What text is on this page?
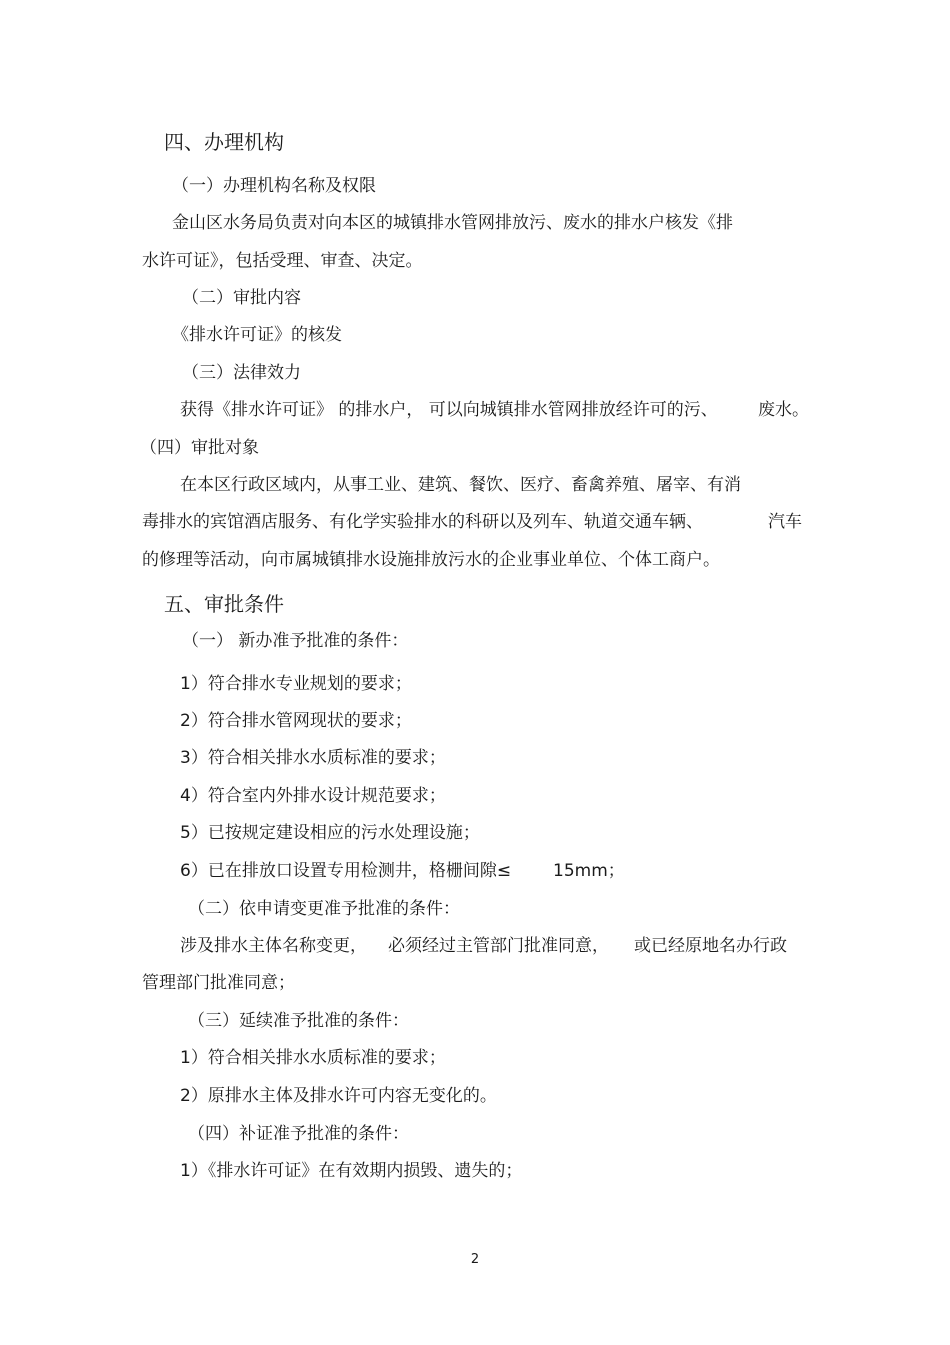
四、办理机构
（一）办理机构名称及权限
金山区水务局负责对向本区的城镇排水管网排放污、废水的排水户核发《排
水许可证》，包括受理、审查、决定。
（二）审批内容
《排水许可证》的核发
（三）法律效力
获得《排水许可证》 的排水户， 可以向城镇排水管网排放经许可的污、 废水。
（四）审批对象
在本区行政区域内，从事工业、建筑、餐饮、医疗、畜禽养殖、屠宰、有消
毒排水的宾馆酒店服务、有化学实验排水的科研以及列车、轨道交通车辆、	汽车
的修理等活动，向市属城镇排水设施排放污水的企业事业单位、个体工商户。
五、审批条件
（一） 新办准予批准的条件：
1）符合排水专业规划的要求；
2）符合排水管网现状的要求；
3）符合相关排水水质标准的要求；
4）符合室内外排水设计规范要求；
5）已按规定建设相应的污水处理设施；
6）已在排放口设置专用检测井，格栅间隙≤ 15mm；
（二）依申请变更准予批准的条件：
涉及排水主体名称变更， 必须经过主管部门批准同意， 或已经原地名办行政
管理部门批准同意；
（三）延续准予批准的条件：
1）符合相关排水水质标准的要求；
2）原排水主体及排水许可内容无变化的。
（四）补证准予批准的条件：
1）《排水许可证》在有效期内损毁、遗失的；
2
